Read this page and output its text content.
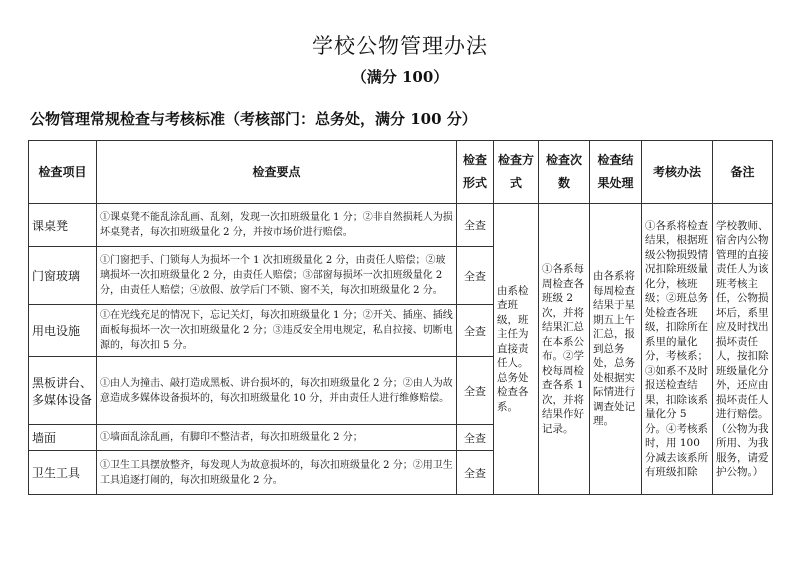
学校公物管理办法
（满分 100）
公物管理常规检查与考核标准（考核部门：总务处，满分 100 分）
检查项目	检查要点	检查形式	检查方式	检查次数	检查结果处理	考核办法	备注
课桌凳	①课桌凳不能乱涂乱画、乱刻，发现一次扣班级量化 1 分；②非自然损耗人为损坏桌凳者，每次扣班级量化 2 分，并按市场价进行赔偿。	全查	由系检查班级，班主任为直接责任人。总务处检查各系。	①各系每周检查各班级 2 次，并将结果汇总在本系公布。②学校每周检查各系 1 次，并将结果作好记录。	由各系将每周检查结果于星期五上午汇总，报到总务处，总务处根据实际情进行调查处记理。	①各系将检查结果，根据班级公物损毁情况扣除班级量化分，核班级；②班总务处检查各班级，扣除所在系里的量化分，考核系；③如系不及时报送检查结果，扣除该系量化分 5 分。④考核系时，用 100 分减去该系所有班级扣除	学校教师、宿舍内公物管理的直接责任人为该班考核主任，公物损坏后，系里应及时找出损坏责任人，按扣除班级量化分外，还应由损坏责任人进行赔偿。（公物为我所用、为我服务，请爱护公物。）
门窗玻璃	①门窗把手、门锁每人为损坏一个 1 次扣班级量化 2 分，由责任人赔偿；②玻璃损坏一次扣班级量化 2 分，由责任人赔偿；③部窗每损坏一次扣班级量化 2 分，由责任人赔偿；④放假、放学后门不锁、窗不关，每次扣班级量化 2 分。	全查					
用电设施	①在光线充足的情况下，忘记关灯，每次扣班级量化 1 分；②开关、插座、插线面板每损坏一次一次扣班级量化 2 分；③违反安全用电规定，私自拉接、切断电源的，每次扣 5 分。	全查					
黑板讲台、多媒体设备	①由人为撞击、敲打造成黑板、讲台损坏的，每次扣班级量化 2 分；②由人为故意造成多媒体设备损坏的，每次扣班级量化 10 分，并由责任人进行维修赔偿。	全查					
墙面	①墙面乱涂乱画，有脚印不整洁者，每次扣班级量化 2 分；	全查					
卫生工具	①卫生工具摆放整齐，每发现人为故意损坏的，每次扣班级量化 2 分；②用卫生工具追逐打闹的，每次扣班级量化 2 分。	全查					
